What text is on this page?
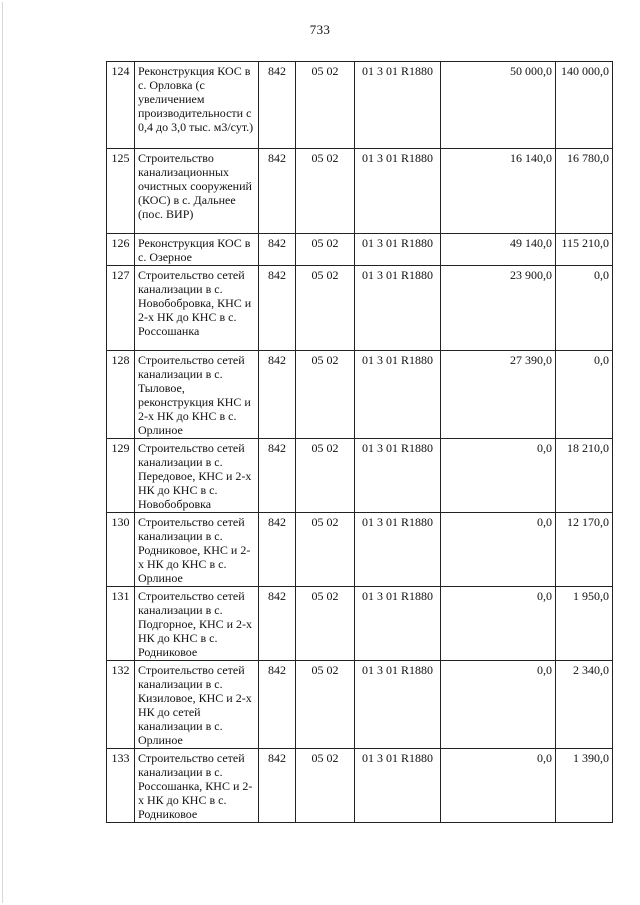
733
124	Реконструкция КОС в с. Орловка (с увеличением производительности с 0,4 до 3,0 тыс. м3/сут.)	842	05 02	01 3 01 R1880	50 000,0	140 000,0
125	Строительство канализационных очистных сооружений (КОС) в с. Дальнее (пос. ВИР)	842	05 02	01 3 01 R1880	16 140,0	16 780,0
126	Реконструкция КОС в с. Озерное	842	05 02	01 3 01 R1880	49 140,0	115 210,0
127	Строительство сетей канализации в с. Новобобровка, КНС и 2-х НК до КНС в с. Россошанка	842	05 02	01 3 01 R1880	23 900,0	0,0
128	Строительство сетей канализации в с. Тыловое, реконструкция КНС и 2-х НК до КНС в с. Орлиное	842	05 02	01 3 01 R1880	27 390,0	0,0
129	Строительство сетей канализации в с. Передовое, КНС и 2-х НК до КНС в с. Новобобровка	842	05 02	01 3 01 R1880	0,0	18 210,0
130	Строительство сетей канализации в с. Родниковое, КНС и 2-х НК до КНС в с. Орлиное	842	05 02	01 3 01 R1880	0,0	12 170,0
131	Строительство сетей канализации в с. Подгорное, КНС и 2-х НК до КНС в с. Родниковое	842	05 02	01 3 01 R1880	0,0	1 950,0
132	Строительство сетей канализации в с. Кизиловое, КНС и 2-х НК до сетей канализации в с. Орлиное	842	05 02	01 3 01 R1880	0,0	2 340,0
133	Строительство сетей канализации в с. Россошанка, КНС и 2-х НК до КНС в с. Родниковое	842	05 02	01 3 01 R1880	0,0	1 390,0
